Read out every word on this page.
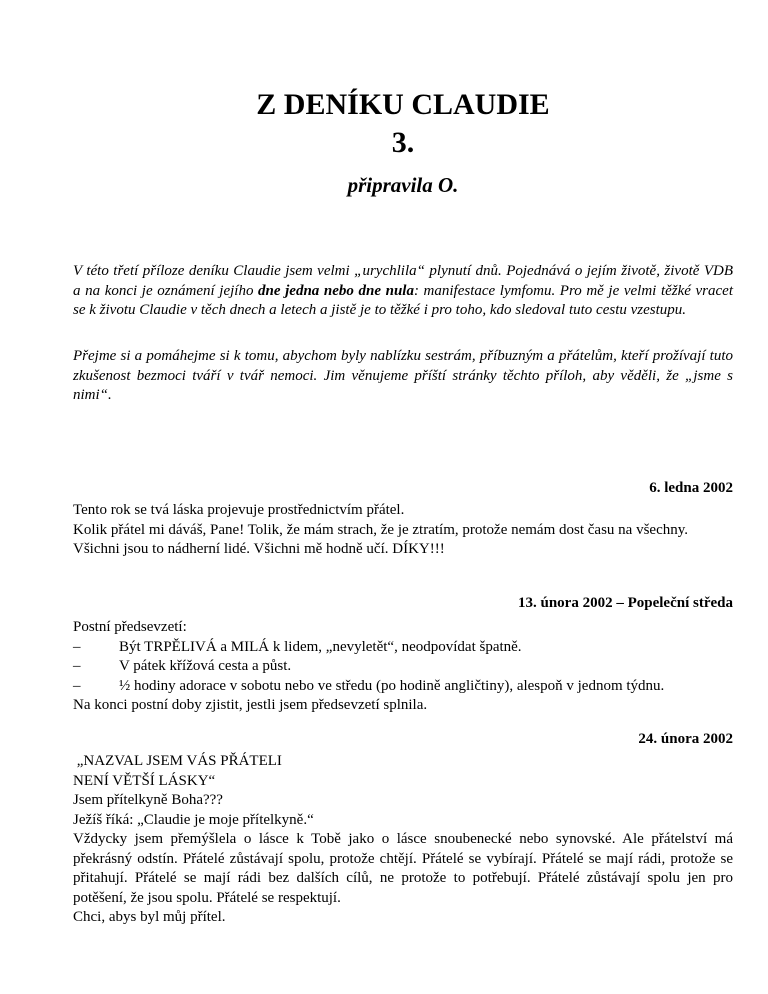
Z DENÍKU CLAUDIE
3.
připravila O.

V této třetí příloze deníku Claudie jsem velmi „urychlila“ plynutí dnů. Pojednává o jejím životě, životě VDB a na konci je oznámení jejího dne jedna nebo dne nula: manifestace lymfomu. Pro mě je velmi těžké vracet se k životu Claudie v těch dnech a letech a jistě je to těžké i pro toho, kdo sledoval tuto cestu vzestupu.

Přejme si a pomáhejme si k tomu, abychom byly nablízku sestrám, příbuzným a přátelům, kteří prožívají tuto zkušenost bezmoci tváří v tvář nemoci. Jim věnujeme příští stránky těchto příloh, aby věděli, že „jsme s nimi“.

6. ledna 2002
Tento rok se tvá láska projevuje prostřednictvím přátel.
Kolik přátel mi dáváš, Pane! Tolik, že mám strach, že je ztratím, protože nemám dost času na všechny.
Všichni jsou to nádherní lidé. Všichni mě hodně učí. DÍKY!!!
13. února 2002 – Popeleční středa
Postní předsevzetí:
–	Být TRPĚLIVÁ a MILÁ k lidem, „nevyletět“, neodpovídat špatně.
–	V pátek křížová cesta a půst.
–	½ hodiny adorace v sobotu nebo ve středu (po hodině angličtiny), alespoň v jednom týdnu.
Na konci postní doby zjistit, jestli jsem předsevzetí splnila.
24. února 2002
„NAZVAL JSEM VÁS PŘÁTELI
NENÍ VĚTŠÍ LÁSKY“
Jsem přítelkyně Boha???
Ježíš říká: „Claudie je moje přítelkyně.“
Vždycky jsem přemýšlela o lásce k Tobě jako o lásce snoubenecké nebo synovské. Ale přátelství má překrásný odstín. Přátelé zůstávají spolu, protože chtějí. Přátelé se vybírají. Přátelé se mají rádi, protože se přitahují. Přátelé se mají rádi bez dalších cílů, ne protože to potřebují. Přátelé zůstávají spolu jen pro potěšení, že jsou spolu. Přátelé se respektují.
Chci, abys byl můj přítel.
